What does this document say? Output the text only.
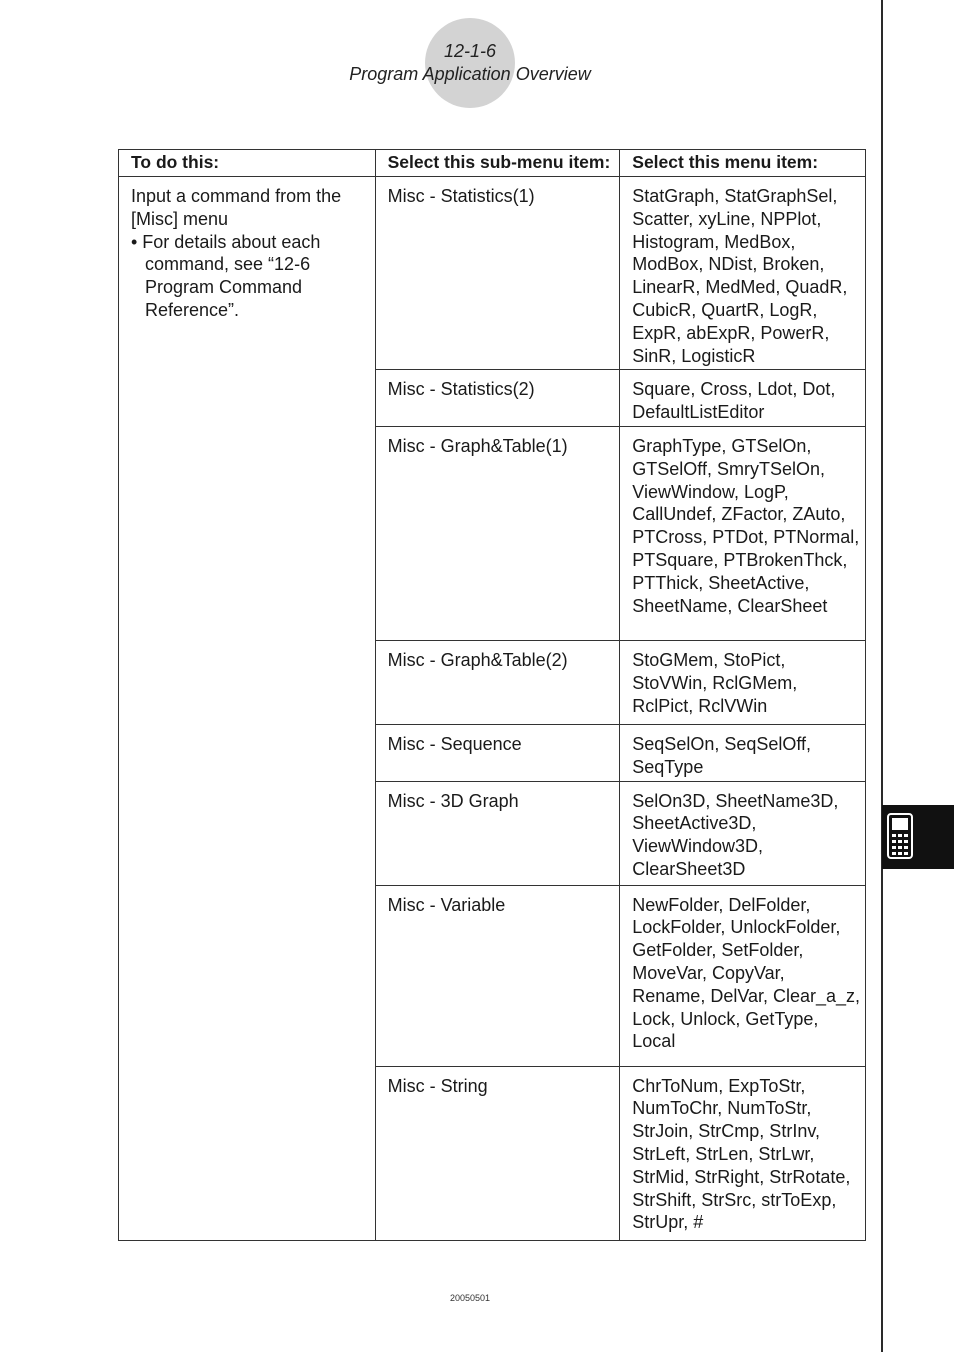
12-1-6
Program Application Overview
To do this:	Select this sub-menu item:	Select this menu item:
Input a command from the [Misc] menu
• For details about each command, see “12-6 Program Command Reference”.	Misc - Statistics(1)	StatGraph, StatGraphSel, Scatter, xyLine, NPPlot, Histogram, MedBox, ModBox, NDist, Broken, LinearR, MedMed, QuadR, CubicR, QuartR, LogR, ExpR, abExpR, PowerR, SinR, LogisticR
	Misc - Statistics(2)	Square, Cross, Ldot, Dot, DefaultListEditor
	Misc - Graph&Table(1)	GraphType, GTSelOn, GTSelOff, SmryTSelOn, ViewWindow, LogP, CallUndef, ZFactor, ZAuto, PTCross, PTDot, PTNormal, PTSquare, PTBrokenThck, PTThick, SheetActive, SheetName, ClearSheet
	Misc - Graph&Table(2)	StoGMem, StoPict, StoVWin, RclGMem, RclPict, RclVWin
	Misc - Sequence	SeqSelOn, SeqSelOff, SeqType
	Misc - 3D Graph	SelOn3D, SheetName3D, SheetActive3D, ViewWindow3D, ClearSheet3D
	Misc - Variable	NewFolder, DelFolder, LockFolder, UnlockFolder, GetFolder, SetFolder, MoveVar, CopyVar, Rename, DelVar, Clear_a_z, Lock, Unlock, GetType, Local
	Misc - String	ChrToNum, ExpToStr, NumToChr, NumToStr, StrJoin, StrCmp, StrInv, StrLeft, StrLen, StrLwr, StrMid, StrRight, StrRotate, StrShift, StrSrc, strToExp, StrUpr, #
20050501
